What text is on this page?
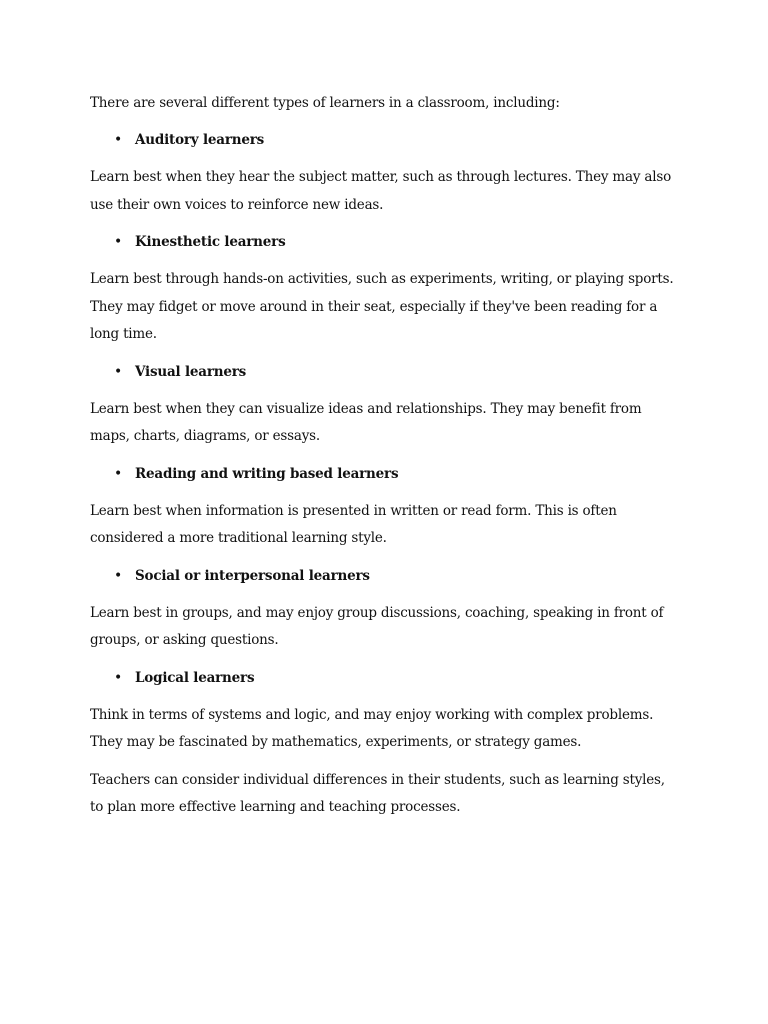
There are several different types of learners in a classroom, including:

• Auditory learners

Learn best when they hear the subject matter, such as through lectures. They may also use their own voices to reinforce new ideas.

• Kinesthetic learners

Learn best through hands-on activities, such as experiments, writing, or playing sports. They may fidget or move around in their seat, especially if they've been reading for a long time.

• Visual learners

Learn best when they can visualize ideas and relationships. They may benefit from maps, charts, diagrams, or essays.

• Reading and writing based learners

Learn best when information is presented in written or read form. This is often considered a more traditional learning style.

• Social or interpersonal learners

Learn best in groups, and may enjoy group discussions, coaching, speaking in front of groups, or asking questions.

• Logical learners

Think in terms of systems and logic, and may enjoy working with complex problems. They may be fascinated by mathematics, experiments, or strategy games.

Teachers can consider individual differences in their students, such as learning styles, to plan more effective learning and teaching processes.
